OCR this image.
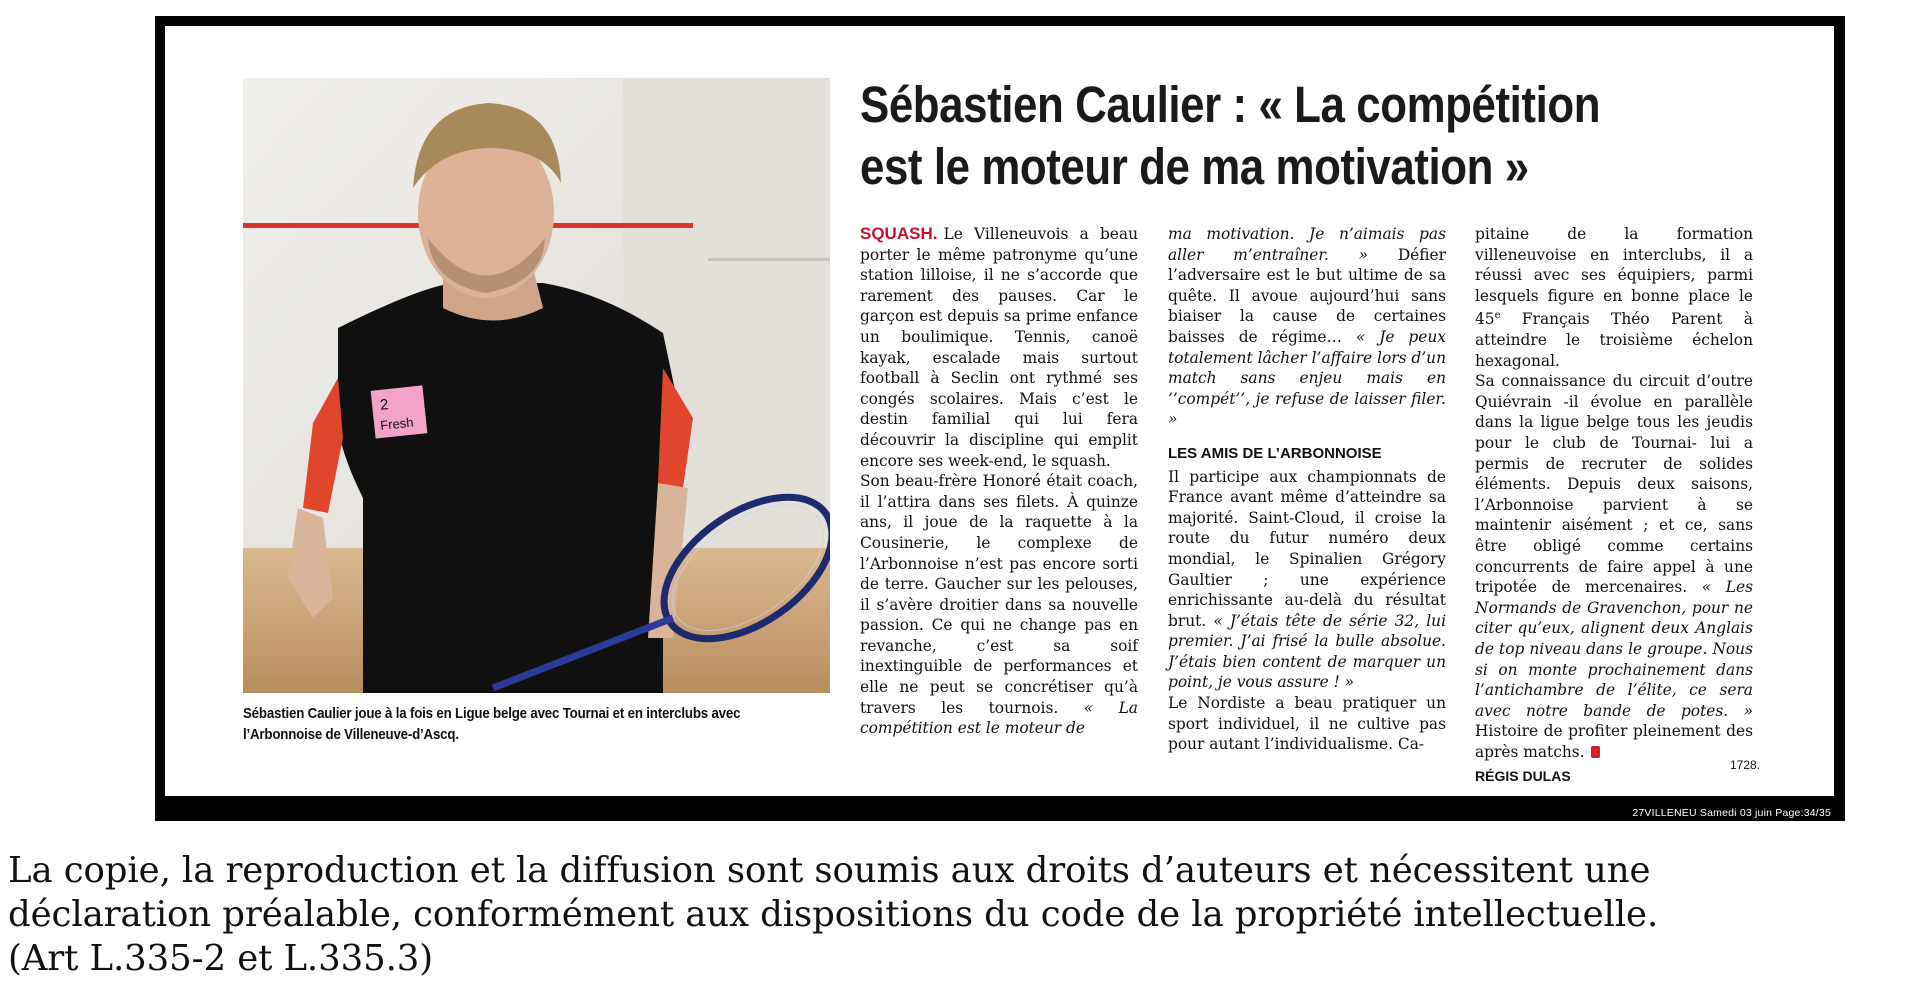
2
Fresh
Sébastien Caulier joue à la fois en Ligue belge avec Tournai et en interclubs avec l’Arbonnoise de Villeneuve-d’Ascq.
Sébastien Caulier : « La compétition
est le moteur de ma motivation »

SQUASH. Le Villeneuvois a beau porter le même patronyme qu’une station lilloise, il ne s’accorde que rarement des pauses. Car le garçon est depuis sa prime enfance un boulimique. Tennis, canoë kayak, escalade mais surtout football à Seclin ont rythmé ses congés scolaires. Mais c’est le destin familial qui lui fera découvrir la discipline qui emplit encore ses week-end, le squash.

Son beau-frère Honoré était coach, il l’attira dans ses filets. À quinze ans, il joue de la raquette à la Cousinerie, le complexe de l’Arbonnoise n’est pas encore sorti de terre. Gaucher sur les pelouses, il s’avère droitier dans sa nouvelle passion. Ce qui ne change pas en revanche, c’est sa soif inextinguible de performances et elle ne peut se concrétiser qu’à travers les tournois. « La compétition est le moteur de

ma motivation. Je n’aimais pas aller m’entraîner. » Défier l’adversaire est le but ultime de sa quête. Il avoue aujourd’hui sans biaiser la cause de certaines baisses de régime… « Je peux totalement lâcher l’affaire lors d’un match sans enjeu mais en ’’compét’’, je refuse de laisser filer. »

LES AMIS DE L’ARBONNOISE

Il participe aux championnats de France avant même d’atteindre sa majorité. Saint-Cloud, il croise la route du futur numéro deux mondial, le Spinalien Grégory Gaultier ; une expérience enrichissante au-delà du résultat brut. « J’étais tête de série 32, lui premier. J’ai frisé la bulle absolue. J’étais bien content de marquer un point, je vous assure ! »

Le Nordiste a beau pratiquer un sport individuel, il ne cultive pas pour autant l’individualisme. Ca-

pitaine de la formation villeneuvoise en interclubs, il a réussi avec ses équipiers, parmi lesquels figure en bonne place le 45e Français Théo Parent à atteindre le troisième échelon hexagonal.

Sa connaissance du circuit d’outre Quiévrain -il évolue en parallèle dans la ligue belge tous les jeudis pour le club de Tournai- lui a permis de recruter de solides éléments. Depuis deux saisons, l’Arbonnoise parvient à se maintenir aisément ; et ce, sans être obligé comme certains concurrents de faire appel à une tripotée de mercenaires. « Les Normands de Gravenchon, pour ne citer qu’eux, alignent deux Anglais de top niveau dans le groupe. Nous si on monte prochainement dans l’antichambre de l’élite, ce sera avec notre bande de potes. » Histoire de profiter pleinement des après matchs.

RÉGIS DULAS
1728.
27VILLENEU Samedi 03 juin Page:34/35
La copie, la reproduction et la diffusion sont soumis aux droits d’auteurs et nécessitent une
déclaration préalable, conformément aux dispositions du code de la propriété intellectuelle.
(Art L.335-2 et L.335.3)
